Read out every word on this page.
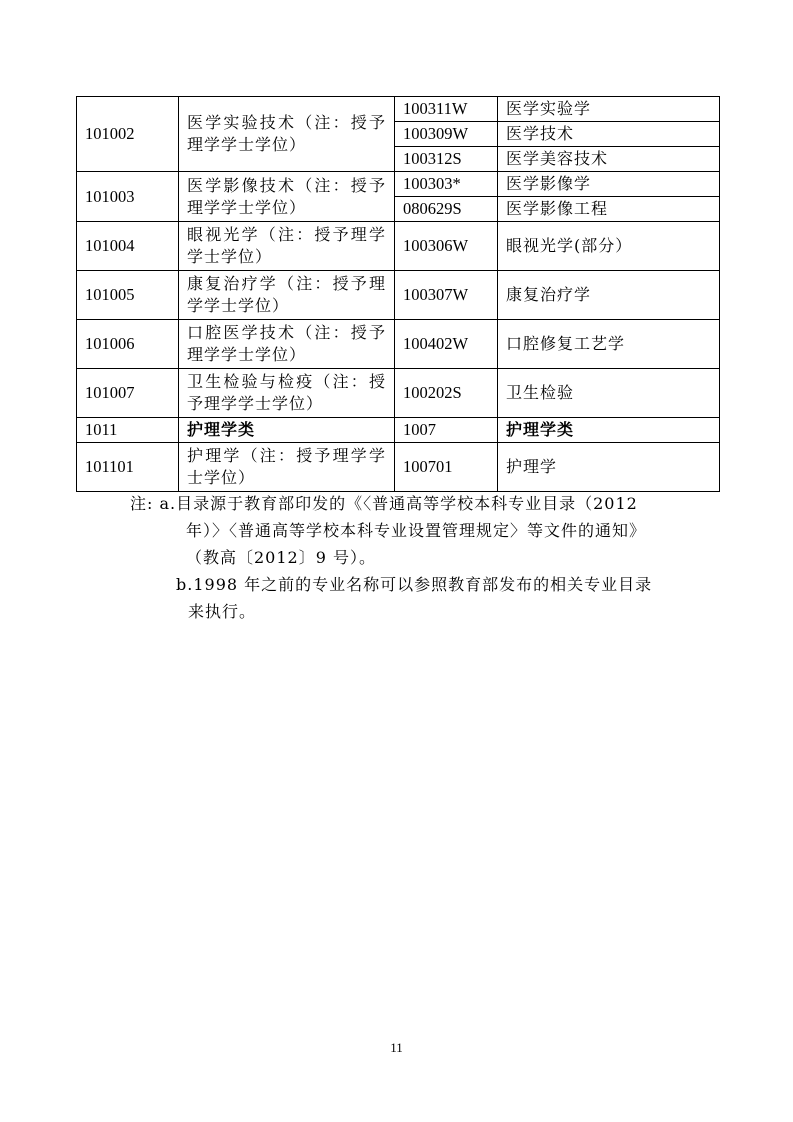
101002	医学实验技术（注：授予理学学士学位）	100311W	医学实验学
		100309W	医学技术
		100312S	医学美容技术
101003	医学影像技术（注：授予理学学士学位）	100303*	医学影像学
		080629S	医学影像工程
101004	眼视光学（注：授予理学学士学位）	100306W	眼视光学(部分）
101005	康复治疗学（注：授予理学学士学位）	100307W	康复治疗学
101006	口腔医学技术（注：授予理学学士学位）	100402W	口腔修复工艺学
101007	卫生检验与检疫（注：授予理学学士学位）	100202S	卫生检验
1011	护理学类	1007	护理学类
101101	护理学（注：授予理学学士学位）	100701	护理学

注: a.目录源于教育部印发的《〈普通高等学校本科专业目录（2012年）〉〈普通高等学校本科专业设置管理规定〉等文件的通知》（教高〔2012〕9 号）。

b.1998 年之前的专业名称可以参照教育部发布的相关专业目录来执行。

11
